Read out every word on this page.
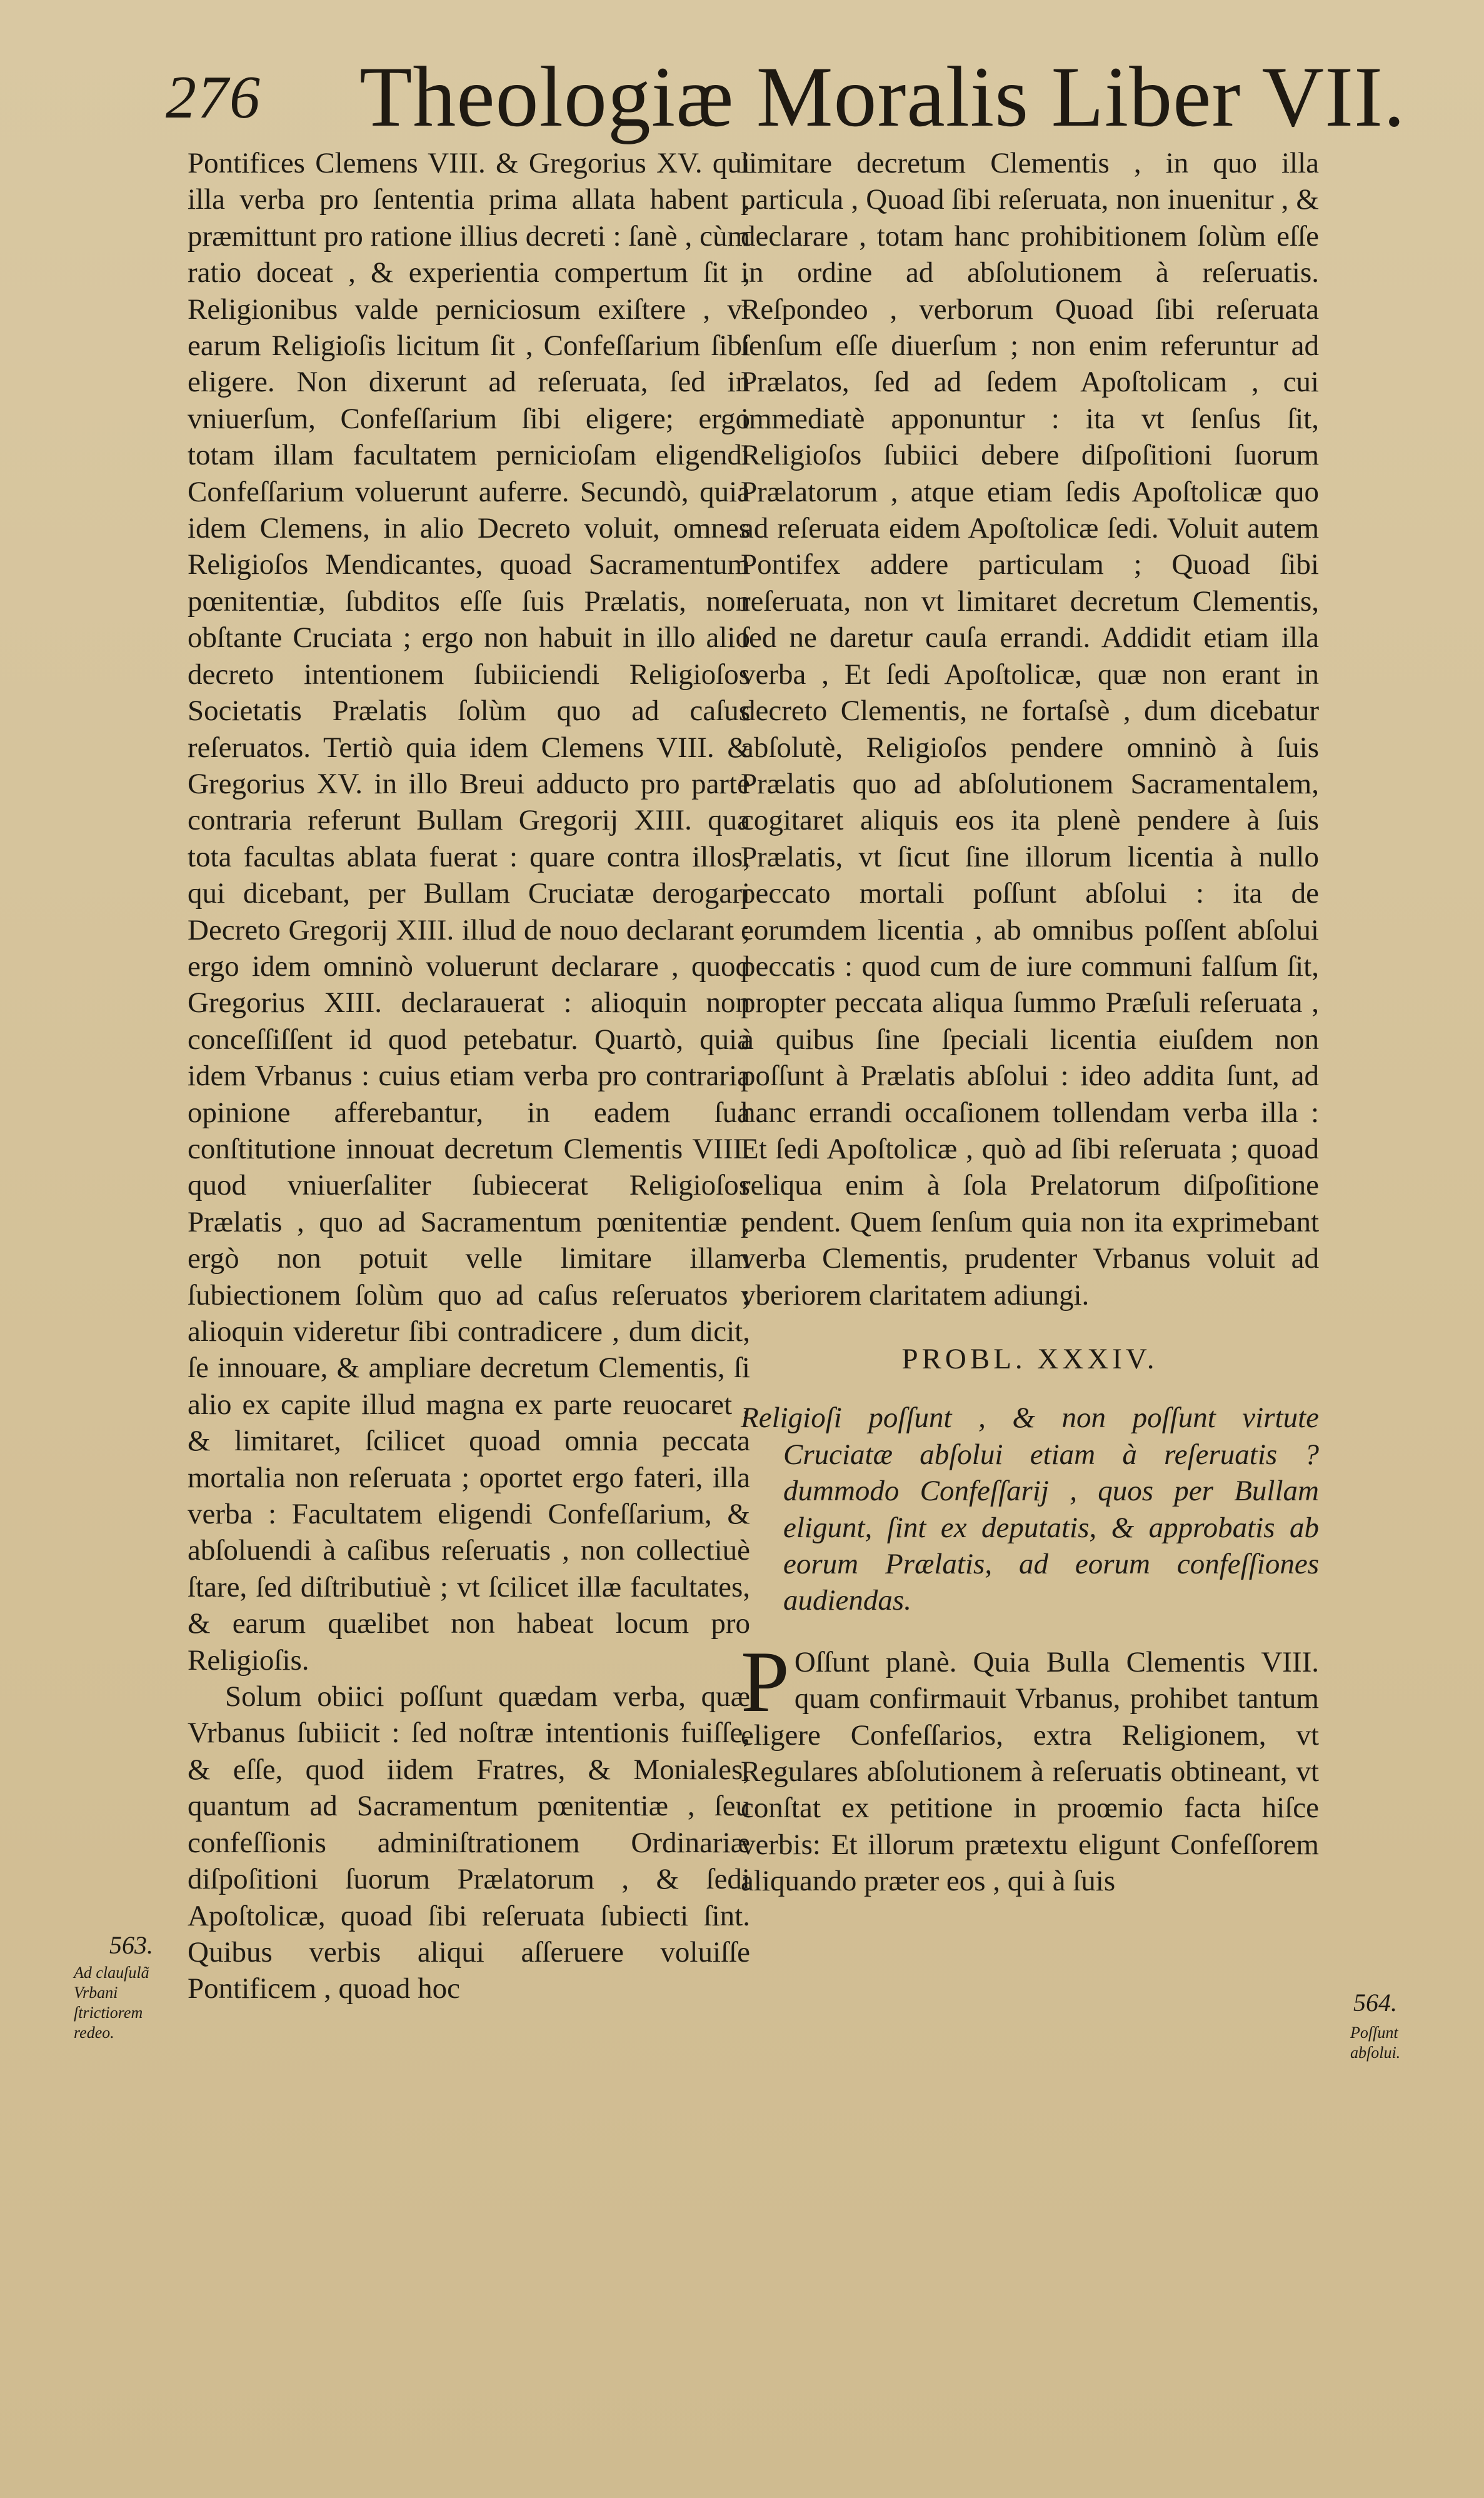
276 Theologiæ Moralis Liber VII.

Pontifices Clemens VIII. & Gregorius XV. qui illa verba pro ſententia prima allata habent , præmittunt pro ratione illius decreti : ſanè , cùm ratio doceat , & experientia compertum ſit , Religionibus valde perniciosum exiſtere , vt earum Religioſis licitum ſit , Confeſſarium ſibi eligere. Non dixerunt ad reſeruata, ſed in vniuerſum, Confeſſarium ſibi eligere; ergo totam illam facultatem pernicioſam eligendi Confeſſarium voluerunt auferre. Secundò, quia idem Clemens, in alio Decreto voluit, omnes Religioſos Mendicantes, quoad Sacramentum pœnitentiæ, ſubditos eſſe ſuis Prælatis, non obſtante Cruciata ; ergo non habuit in illo alio decreto intentionem ſubiiciendi Religioſos Societatis Prælatis ſolùm quo ad caſus reſeruatos. Tertiò quia idem Clemens VIII. & Gregorius XV. in illo Breui adducto pro parte contraria referunt Bullam Gregorij XIII. qua tota facultas ablata fuerat : quare contra illos, qui dicebant, per Bullam Cruciatæ derogari Decreto Gregorij XIII. illud de nouo declarant ; ergo idem omninò voluerunt declarare , quod Gregorius XIII. declarauerat : alioquin non conceſſiſſent id quod petebatur. Quartò, quia idem Vrbanus : cuius etiam verba pro contraria opinione afferebantur, in eadem ſua conſtitutione innouat decretum Clementis VIII. quod vniuerſaliter ſubiecerat Religioſos Prælatis , quo ad Sacramentum pœnitentiæ ; ergò non potuit velle limitare illam ſubiectionem ſolùm quo ad caſus reſeruatos ; alioquin videretur ſibi contradicere , dum dicit, ſe innouare, & ampliare decretum Clementis, ſi alio ex capite illud magna ex parte reuocaret , & limitaret, ſcilicet quoad omnia peccata mortalia non reſeruata ; oportet ergo fateri, illa verba : Facultatem eligendi Confeſſarium, & abſoluendi à caſibus reſeruatis , non collectiuè ſtare, ſed diſtributiuè ; vt ſcilicet illæ facultates, & earum quælibet non habeat locum pro Religioſis.

Solum obiici poſſunt quædam verba, quæ Vrbanus ſubiicit : ſed noſtræ intentionis fuiſſe, & eſſe, quod iidem Fratres, & Moniales, quantum ad Sacramentum pœnitentiæ , ſeu confeſſionis adminiſtrationem Ordinariæ diſpoſitioni ſuorum Prælatorum , & ſedi Apoſtolicæ, quoad ſibi reſeruata ſubiecti ſint. Quibus verbis aliqui aſſeruere voluiſſe Pontificem , quoad hoc

limitare decretum Clementis , in quo illa particula , Quoad ſibi reſeruata, non inuenitur , & declarare , totam hanc prohibitionem ſolùm eſſe in ordine ad abſolutionem à reſeruatis. Reſpondeo , verborum Quoad ſibi reſeruata ſenſum eſſe diuerſum ; non enim referuntur ad Prælatos, ſed ad ſedem Apoſtolicam , cui immediatè apponuntur : ita vt ſenſus ſit, Religioſos ſubiici debere diſpoſitioni ſuorum Prælatorum , atque etiam ſedis Apoſtolicæ quo ad reſeruata eidem Apoſtolicæ ſedi. Voluit autem Pontifex addere particulam ; Quoad ſibi reſeruata, non vt limitaret decretum Clementis, ſed ne daretur cauſa errandi. Addidit etiam illa verba , Et ſedi Apoſtolicæ, quæ non erant in decreto Clementis, ne fortaſsè , dum dicebatur abſolutè, Religioſos pendere omninò à ſuis Prælatis quo ad abſolutionem Sacramentalem, cogitaret aliquis eos ita plenè pendere à ſuis Prælatis, vt ſicut ſine illorum licentia à nullo peccato mortali poſſunt abſolui : ita de eorumdem licentia , ab omnibus poſſent abſolui peccatis : quod cum de iure communi falſum ſit, propter peccata aliqua ſummo Præſuli reſeruata , à quibus ſine ſpeciali licentia eiuſdem non poſſunt à Prælatis abſolui : ideo addita ſunt, ad hanc errandi occaſionem tollendam verba illa : Et ſedi Apoſtolicæ , quò ad ſibi reſeruata ; quoad reliqua enim à ſola Prelatorum diſpoſitione pendent. Quem ſenſum quia non ita exprimebant verba Clementis, prudenter Vrbanus voluit ad vberiorem claritatem adiungi.

PROBL. XXXIV.

Religioſi poſſunt , & non poſſunt virtute Cruciatæ abſolui etiam à reſeruatis ? dummodo Confeſſarij , quos per Bullam eligunt, ſint ex deputatis, & approbatis ab eorum Prælatis, ad eorum confeſſiones audiendas.

P Oſſunt planè. Quia Bulla Clementis VIII. quam confirmauit Vrbanus, prohibet tantum eligere Confeſſarios, extra Religionem, vt Regulares abſolutionem à reſeruatis obtineant, vt conſtat ex petitione in proœmio facta hiſce verbis: Et illorum prætextu eligunt Confeſſorem aliquando præter eos , qui à ſuis

563.
Ad clauſulã Vrbani ſtrictiorem redeo.
564.
Poſſunt abſolui.
